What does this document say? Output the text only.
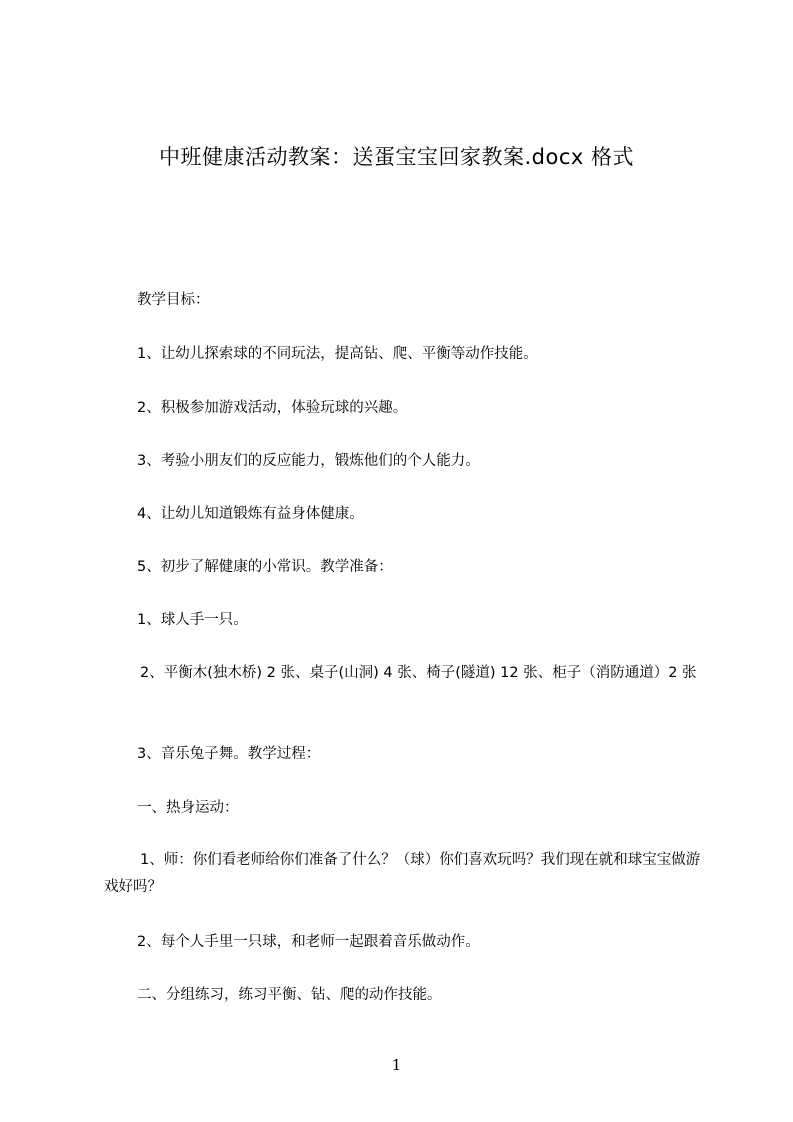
中班健康活动教案：送蛋宝宝回家教案.docx 格式
教学目标：
1、让幼儿探索球的不同玩法，提高钻、爬、平衡等动作技能。
2、积极参加游戏活动，体验玩球的兴趣。
3、考验小朋友们的反应能力，锻炼他们的个人能力。
4、让幼儿知道锻炼有益身体健康。
5、初步了解健康的小常识。教学准备：
1、球人手一只。
2、平衡木(独木桥) 2 张、桌子(山洞) 4 张、椅子(隧道) 12 张、柜子（消防通道）2 张
3、音乐兔子舞。教学过程：
一、热身运动：
1、师：你们看老师给你们准备了什么？（球）你们喜欢玩吗？我们现在就和球宝宝做游戏好吗？
2、每个人手里一只球，和老师一起跟着音乐做动作。
二、分组练习，练习平衡、钻、爬的动作技能。
1
